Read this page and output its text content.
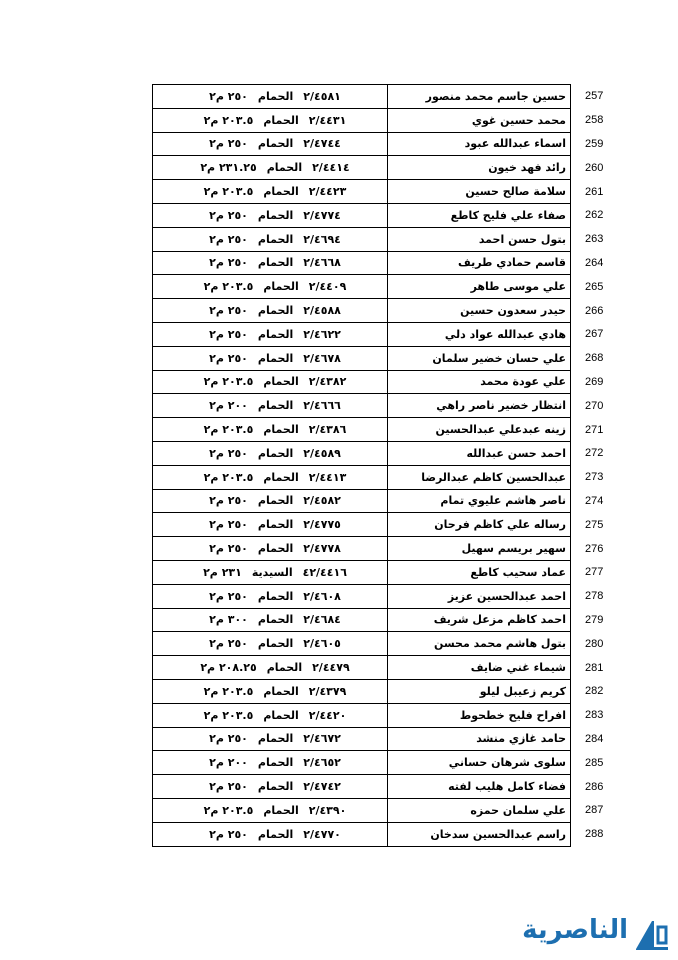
٢/٤٥٨١الحمام٢٥٠ م٢	حسين جاسم محمد منصور	257
٢/٤٤٣١الحمام٢٠٣.٥ م٢	محمد حسين غوي	258
٢/٤٧٤٤الحمام٢٥٠ م٢	اسماء عبدالله عبود	259
٢/٤٤١٤الحمام٢٣١.٢٥ م٢	رائد فهد خيون	260
٢/٤٤٢٣الحمام٢٠٣.٥ م٢	سلامة صالح حسين	261
٢/٤٧٧٤الحمام٢٥٠ م٢	صفاء علي فليح كاطع	262
٢/٤٦٩٤الحمام٢٥٠ م٢	بتول حسن احمد	263
٢/٤٦٦٨الحمام٢٥٠ م٢	قاسم حمادي طريف	264
٢/٤٤٠٩الحمام٢٠٣.٥ م٢	علي موسى طاهر	265
٢/٤٥٨٨الحمام٢٥٠ م٢	حيدر سعدون حسين	266
٢/٤٦٢٢الحمام٢٥٠ م٢	هادي عبدالله عواد دلي	267
٢/٤٦٧٨الحمام٢٥٠ م٢	علي حسان خضير سلمان	268
٢/٤٣٨٢الحمام٢٠٣.٥ م٢	علي عودة محمد	269
٢/٤٦٦٦الحمام٢٠٠ م٢	انتظار خضير ناصر راهي	270
٢/٤٣٨٦الحمام٢٠٣.٥ م٢	زينه عبدعلي عبدالحسين	271
٢/٤٥٨٩الحمام٢٥٠ م٢	احمد حسن عبدالله	272
٢/٤٤١٣الحمام٢٠٣.٥ م٢	عبدالحسين كاظم عبدالرضا	273
٢/٤٥٨٢الحمام٢٥٠ م٢	ناصر هاشم عليوي تمام	274
٢/٤٧٧٥الحمام٢٥٠ م٢	رساله علي كاظم فرحان	275
٢/٤٧٧٨الحمام٢٥٠ م٢	سهير بريسم سهيل	276
٤٢/٤٤١٦السيدية٢٣١ م٢	عماد سحيب كاطع	277
٢/٤٦٠٨الحمام٢٥٠ م٢	احمد عبدالحسين عزيز	278
٢/٤٦٨٤الحمام٣٠٠ م٢	احمد كاظم مزعل شريف	279
٢/٤٦٠٥الحمام٢٥٠ م٢	بتول هاشم محمد محسن	280
٢/٤٤٧٩الحمام٢٠٨.٢٥ م٢	شيماء غني ضايف	281
٢/٤٣٧٩الحمام٢٠٣.٥ م٢	كريم زعيبل ليلو	282
٢/٤٤٢٠الحمام٢٠٣.٥ م٢	افراح فليح خطحوط	283
٢/٤٦٧٢الحمام٢٥٠ م٢	حامد غازي منشد	284
٢/٤٦٥٢الحمام٢٠٠ م٢	سلوى شرهان حساني	285
٢/٤٧٤٢الحمام٢٥٠ م٢	فضاء كامل هليب لفته	286
٢/٤٣٩٠الحمام٢٠٣.٥ م٢	علي سلمان حمزه	287
٢/٤٧٧٠الحمام٢٥٠ م٢	راسم عبدالحسين سدخان	288
الناصرية
